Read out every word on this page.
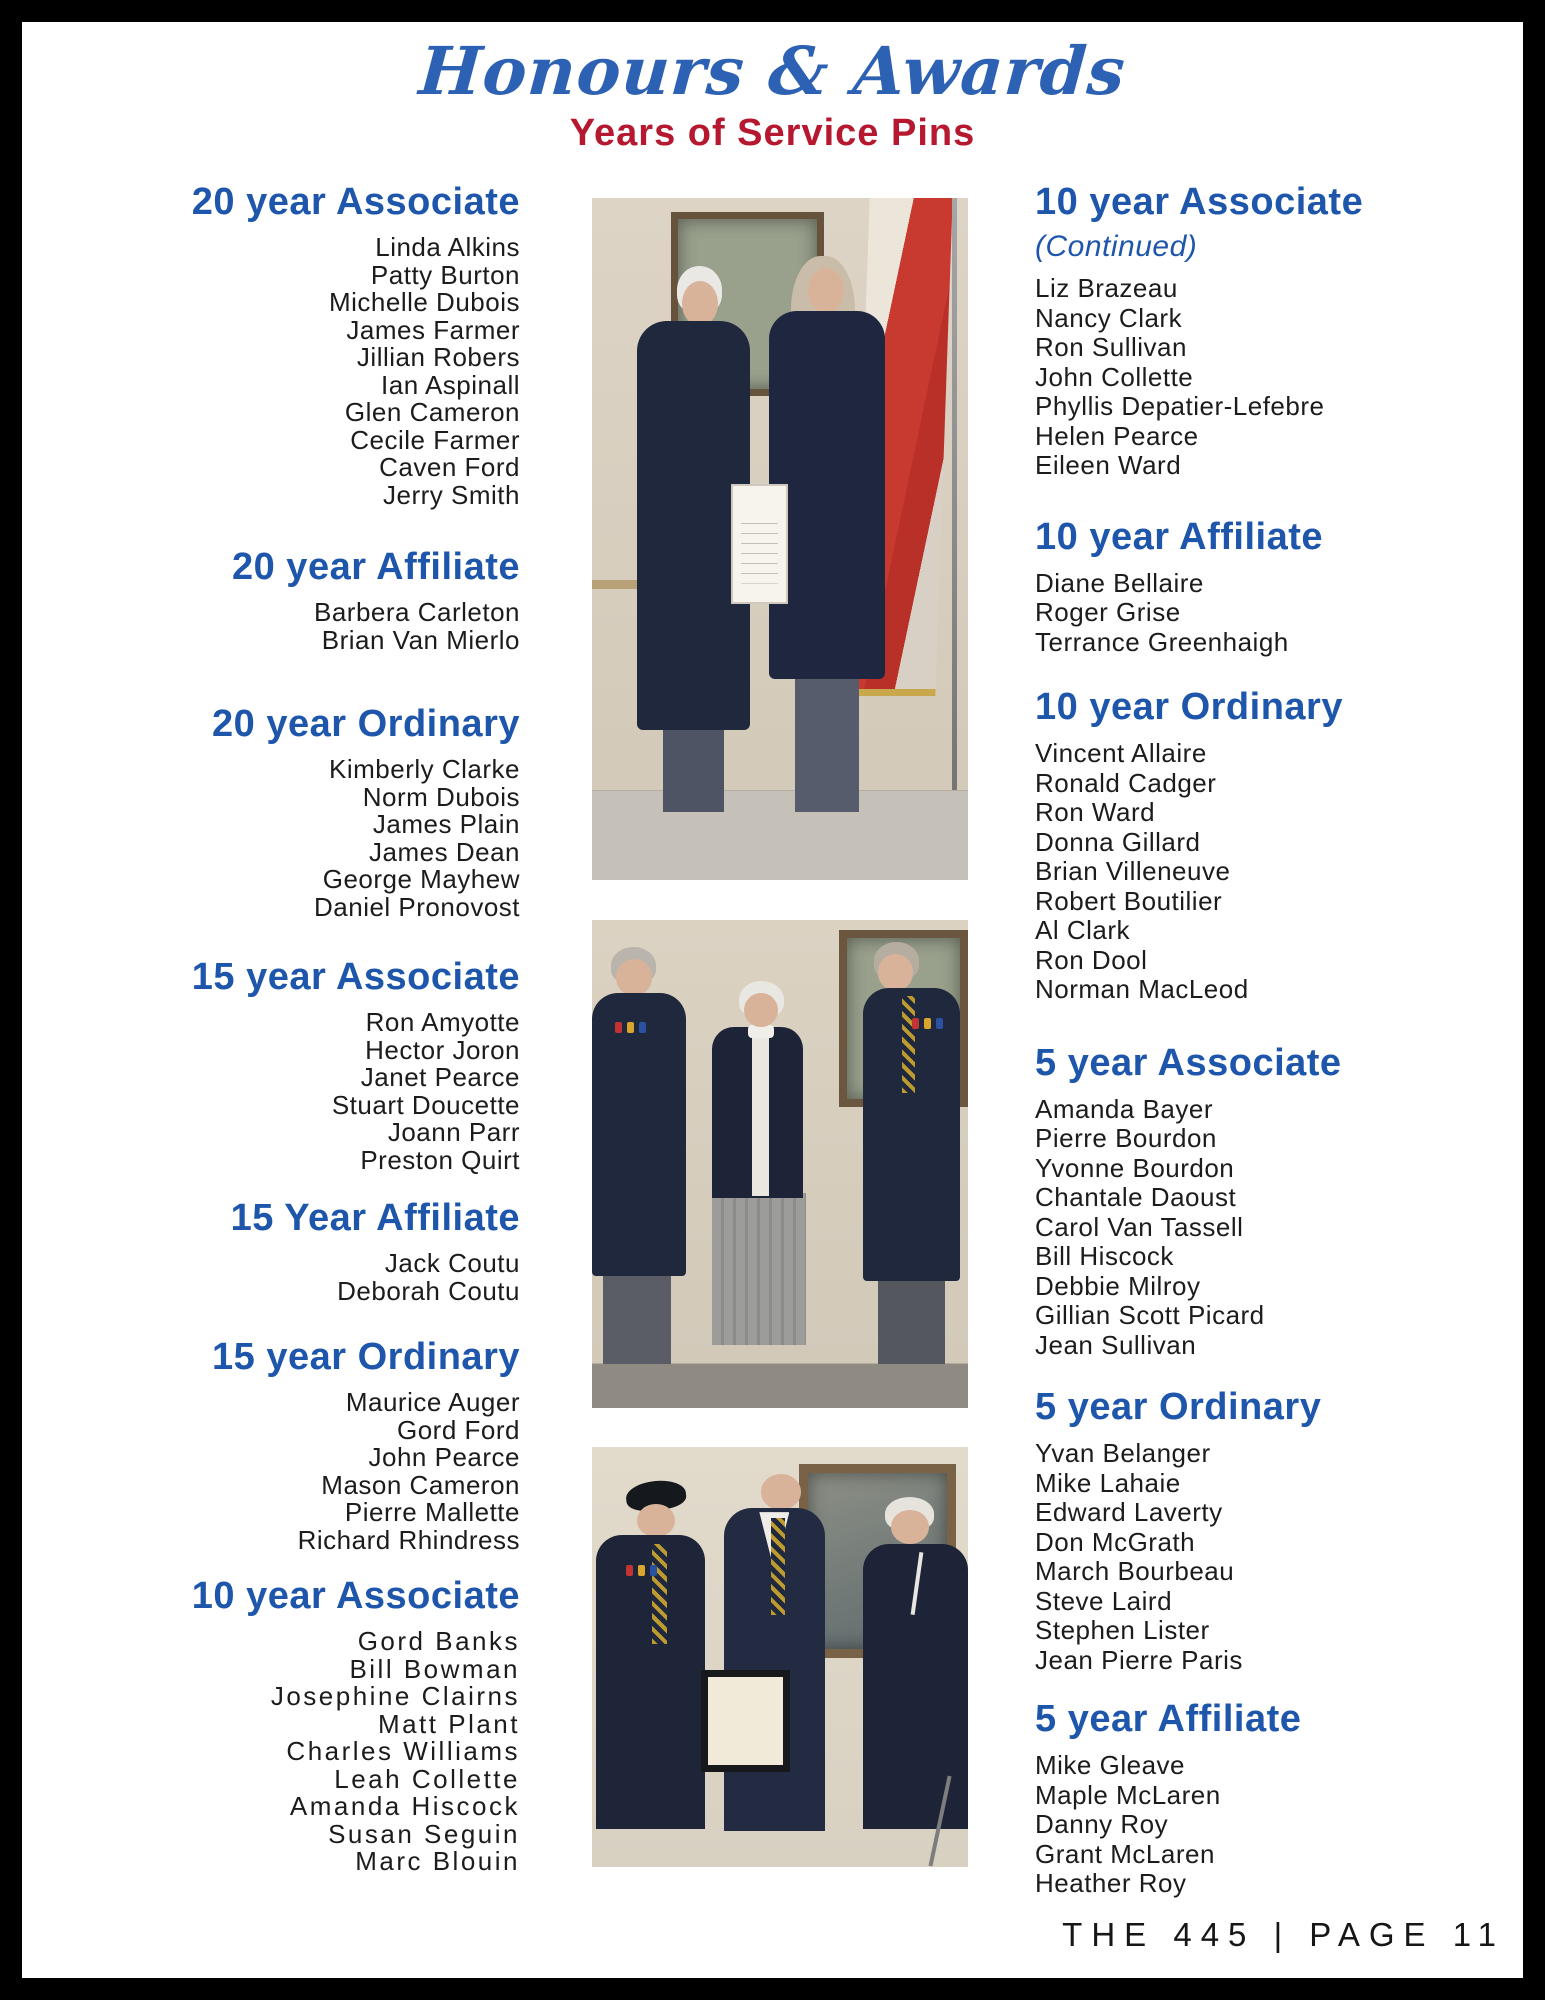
Honours & Awards
Years of Service Pins
20 year Associate
Linda Alkins
Patty Burton
Michelle Dubois
James Farmer
Jillian Robers
Ian Aspinall
Glen Cameron
Cecile Farmer
Caven Ford
Jerry Smith
20 year Affiliate
Barbera Carleton
Brian Van Mierlo
20 year Ordinary
Kimberly Clarke
Norm Dubois
James Plain
James Dean
George Mayhew
Daniel Pronovost
15 year Associate
Ron Amyotte
Hector Joron
Janet Pearce
Stuart Doucette
Joann Parr
Preston Quirt
15 Year Affiliate
Jack Coutu
Deborah Coutu
15 year Ordinary
Maurice Auger
Gord Ford
John Pearce
Mason Cameron
Pierre Mallette
Richard Rhindress
10 year Associate
Gord Banks
Bill Bowman
Josephine Clairns
Matt Plant
Charles Williams
Leah Collette
Amanda Hiscock
Susan Seguin
Marc Blouin
10 year Associate
(Continued)
Liz Brazeau
Nancy Clark
Ron Sullivan
John Collette
Phyllis Depatier-Lefebre
Helen Pearce
Eileen Ward
10 year Affiliate
Diane Bellaire
Roger Grise
Terrance Greenhaigh
10 year Ordinary
Vincent Allaire
Ronald Cadger
Ron Ward
Donna Gillard
Brian Villeneuve
Robert Boutilier
Al Clark
Ron Dool
Norman MacLeod
5 year Associate
Amanda Bayer
Pierre Bourdon
Yvonne Bourdon
Chantale Daoust
Carol Van Tassell
Bill Hiscock
Debbie Milroy
Gillian Scott Picard
Jean Sullivan
5 year Ordinary
Yvan Belanger
Mike Lahaie
Edward Laverty
Don McGrath
March Bourbeau
Steve Laird
Stephen Lister
Jean Pierre Paris
5 year Affiliate
Mike Gleave
Maple McLaren
Danny Roy
Grant McLaren
Heather Roy
THE 445 | PAGE 11
